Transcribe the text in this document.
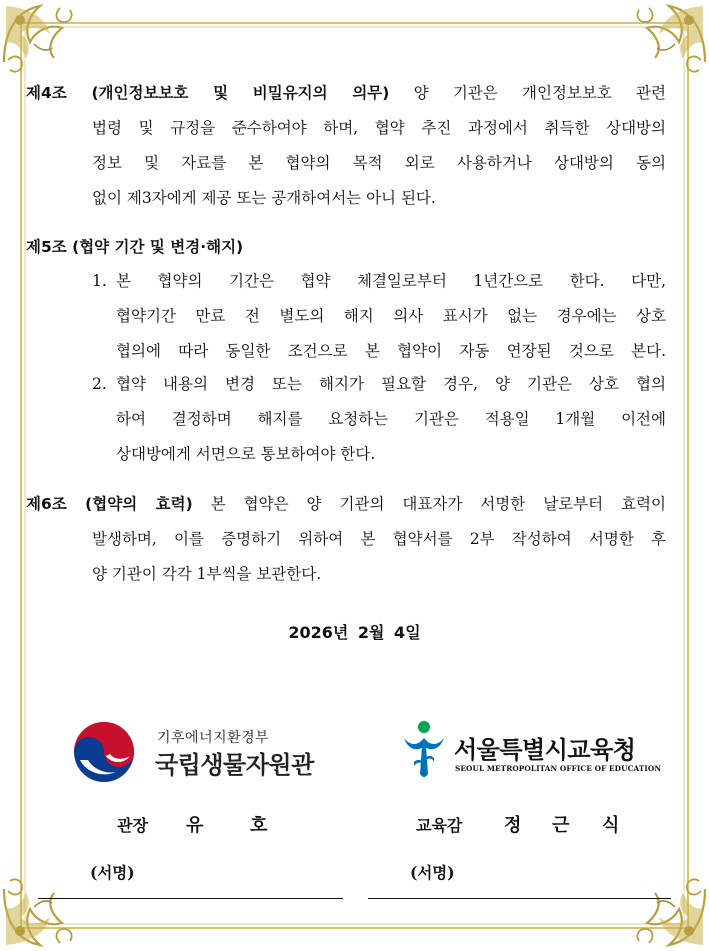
제4조 (개인정보보호 및 비밀유지의 의무) 양 기관은 개인정보보호 관련
법령 및 규정을 준수하여야 하며, 협약 추진 과정에서 취득한 상대방의
정보 및 자료를 본 협약의 목적 외로 사용하거나 상대방의 동의
없이 제3자에게 제공 또는 공개하여서는 아니 된다.
제5조 (협약 기간 및 변경·해지)
1. 본 협약의 기간은 협약 체결일로부터 1년간으로 한다. 다만,
협약기간 만료 전 별도의 해지 의사 표시가 없는 경우에는 상호
협의에 따라 동일한 조건으로 본 협약이 자동 연장된 것으로 본다.
2. 협약 내용의 변경 또는 해지가 필요할 경우, 양 기관은 상호 협의
하여 결정하며 해지를 요청하는 기관은 적용일 1개월 이전에
상대방에게 서면으로 통보하여야 한다.
제6조 (협약의 효력) 본 협약은 양 기관의 대표자가 서명한 날로부터 효력이
발생하며, 이를 증명하기 위하여 본 협약서를 2부 작성하여 서명한 후
양 기관이 각각 1부씩을 보관한다.
2026년 2월 4일
기후에너지환경부
국립생물자원관
서울특별시교육청
SEOUL METROPOLITAN OFFICE OF EDUCATION
관장 유	호	교육감 정 근 식
(서명)	(서명)
